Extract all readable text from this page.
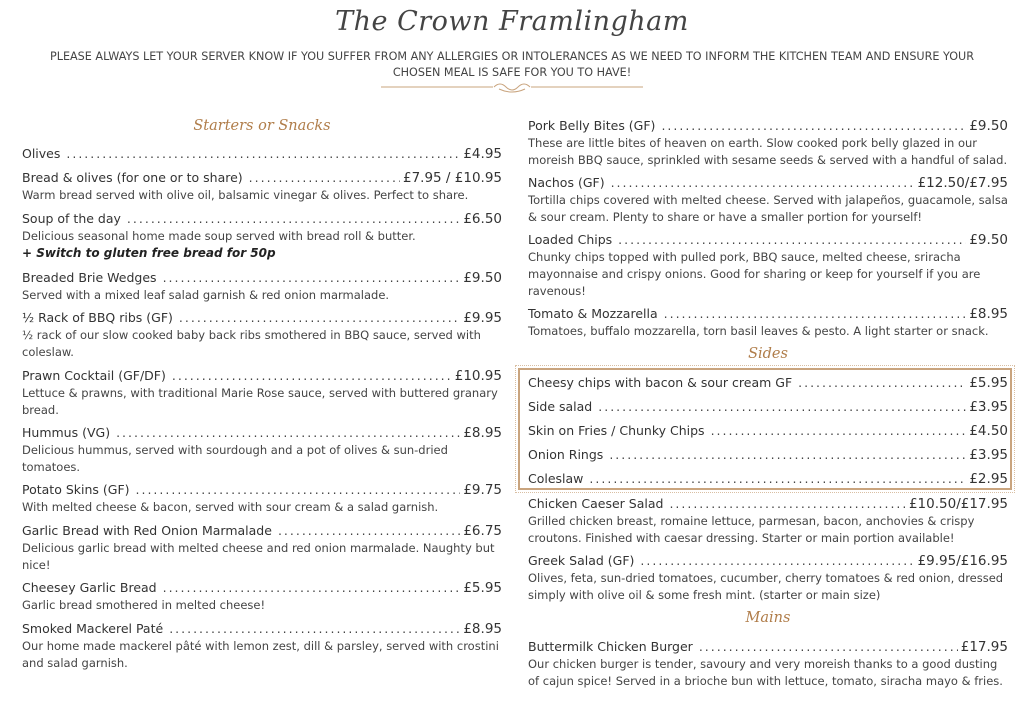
The Crown Framlingham
PLEASE ALWAYS LET YOUR SERVER KNOW IF YOU SUFFER FROM ANY ALLERGIES OR INTOLERANCES AS WE NEED TO INFORM THE KITCHEN TEAM AND ENSURE YOUR CHOSEN MEAL IS SAFE FOR YOU TO HAVE!
Starters or Snacks
Olives .....	£4.95
Bread & olives (for one or to share) .....	£7.95 / £10.95
Warm bread served with olive oil, balsamic vinegar & olives. Perfect to share.
Soup of the day .....	£6.50
Delicious seasonal home made soup served with bread roll & butter.
+ Switch to gluten free bread for 50p
Breaded Brie Wedges .....	£9.50
Served with a mixed leaf salad garnish & red onion marmalade.
½ Rack of BBQ ribs (GF) .....	£9.95
½ rack of our slow cooked baby back ribs smothered in BBQ sauce, served with coleslaw.
Prawn Cocktail (GF/DF) .....	£10.95
Lettuce & prawns, with traditional Marie Rose sauce, served with buttered granary bread.
Hummus (VG) .....	£8.95
Delicious hummus, served with sourdough and a pot of olives & sun-dried tomatoes.
Potato Skins (GF) .....	£9.75
With melted cheese & bacon, served with sour cream & a salad garnish.
Garlic Bread with Red Onion Marmalade .....	£6.75
Delicious garlic bread with melted cheese and red onion marmalade. Naughty but nice!
Cheesey Garlic Bread .....	£5.95
Garlic bread smothered in melted cheese!
Smoked Mackerel Paté .....	£8.95
Our home made mackerel pâté with lemon zest, dill & parsley, served with crostini and salad garnish.
Pork Belly Bites (GF) .....	£9.50
These are little bites of heaven on earth. Slow cooked pork belly glazed in our moreish BBQ sauce, sprinkled with sesame seeds & served with a handful of salad.
Nachos (GF) .....	£12.50/£7.95
Tortilla chips covered with melted cheese. Served with jalapeños, guacamole, salsa & sour cream. Plenty to share or have a smaller portion for yourself!
Loaded Chips .....	£9.50
Chunky chips topped with pulled pork, BBQ sauce, melted cheese, sriracha mayonnaise and crispy onions. Good for sharing or keep for yourself if you are ravenous!
Tomato & Mozzarella .....	£8.95
Tomatoes, buffalo mozzarella, torn basil leaves & pesto. A light starter or snack.
Sides
Cheesy chips with bacon & sour cream GF .....	£5.95
Side salad .....	£3.95
Skin on Fries / Chunky Chips .....	£4.50
Onion Rings .....	£3.95
Coleslaw .....	£2.95
Chicken Caeser Salad .....	£10.50/£17.95
Grilled chicken breast, romaine lettuce, parmesan, bacon, anchovies & crispy croutons. Finished with caesar dressing. Starter or main portion available!
Greek Salad (GF) .....	£9.95/£16.95
Olives, feta, sun-dried tomatoes, cucumber, cherry tomatoes & red onion, dressed simply with olive oil & some fresh mint. (starter or main size)
Mains
Buttermilk Chicken Burger .....	£17.95
Our chicken burger is tender, savoury and very moreish thanks to a good dusting of cajun spice! Served in a brioche bun with lettuce, tomato, siracha mayo & fries.
